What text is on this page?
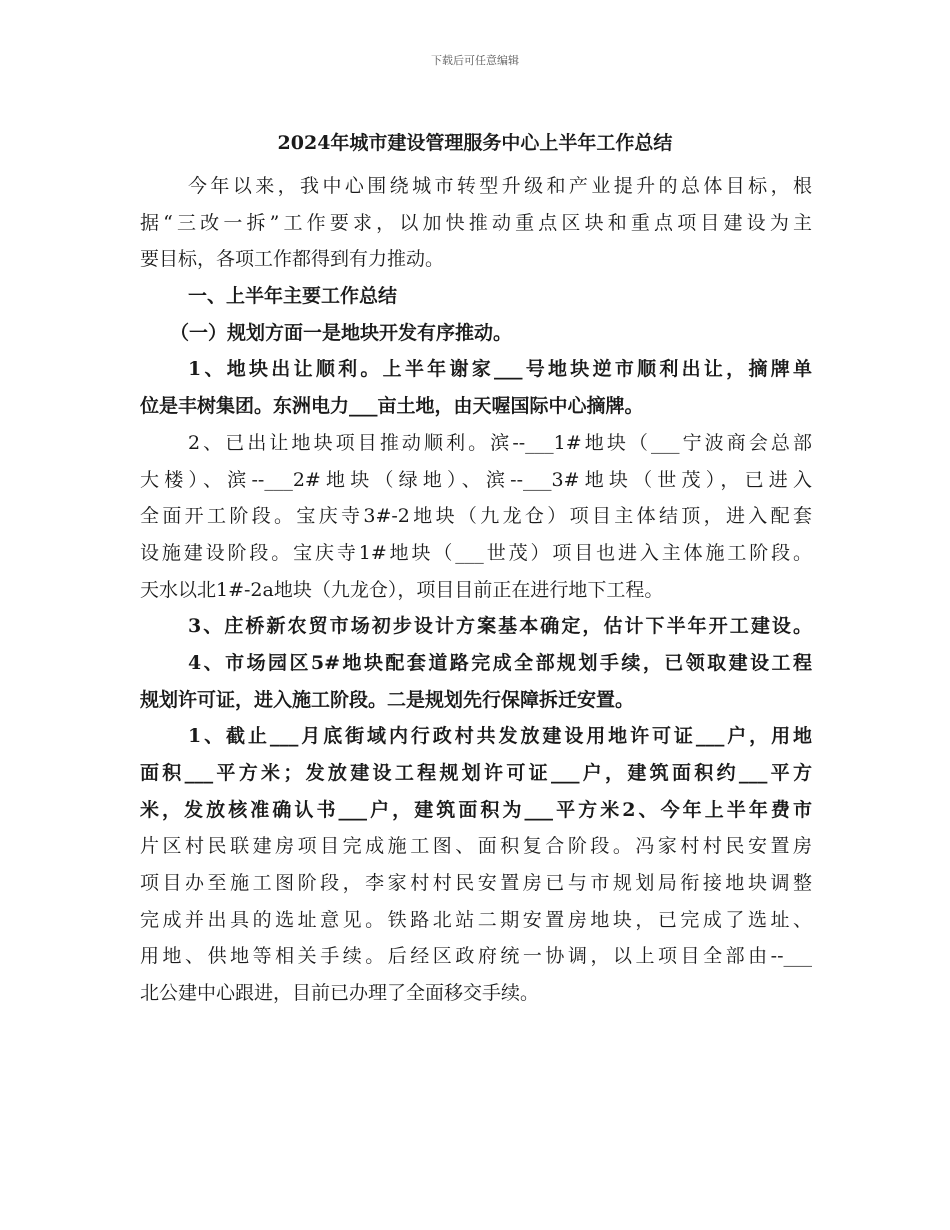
下载后可任意编辑
2024年城市建设管理服务中心上半年工作总结
今年以来，我中心围绕城市转型升级和产业提升的总体目标，根
据“三改一拆”工作要求，以加快推动重点区块和重点项目建设为主
要目标，各项工作都得到有力推动。
一、上半年主要工作总结
（一）规划方面一是地块开发有序推动。
1、地块出让顺利。上半年谢家___号地块逆市顺利出让，摘牌单
位是丰树集团。东洲电力___亩土地，由天喔国际中心摘牌。
2、已出让地块项目推动顺利。滨--___1#地块（___宁波商会总部
大楼）、滨--___2#地块（绿地）、滨--___3#地块（世茂），已进入
全面开工阶段。宝庆寺3#-2地块（九龙仓）项目主体结顶，进入配套
设施建设阶段。宝庆寺1#地块（___世茂）项目也进入主体施工阶段。
天水以北1#-2a地块（九龙仓），项目目前正在进行地下工程。
3、庄桥新农贸市场初步设计方案基本确定，估计下半年开工建设。
4、市场园区5#地块配套道路完成全部规划手续，已领取建设工程
规划许可证，进入施工阶段。二是规划先行保障拆迁安置。
1、截止___月底街域内行政村共发放建设用地许可证___户，用地
面积___平方米；发放建设工程规划许可证___户，建筑面积约___平方
米，发放核准确认书___户，建筑面积为___平方米2、今年上半年费市
片区村民联建房项目完成施工图、面积复合阶段。冯家村村民安置房
项目办至施工图阶段，李家村村民安置房已与市规划局衔接地块调整
完成并出具的选址意见。铁路北站二期安置房地块，已完成了选址、
用地、供地等相关手续。后经区政府统一协调，以上项目全部由--___
北公建中心跟进，目前已办理了全面移交手续。
